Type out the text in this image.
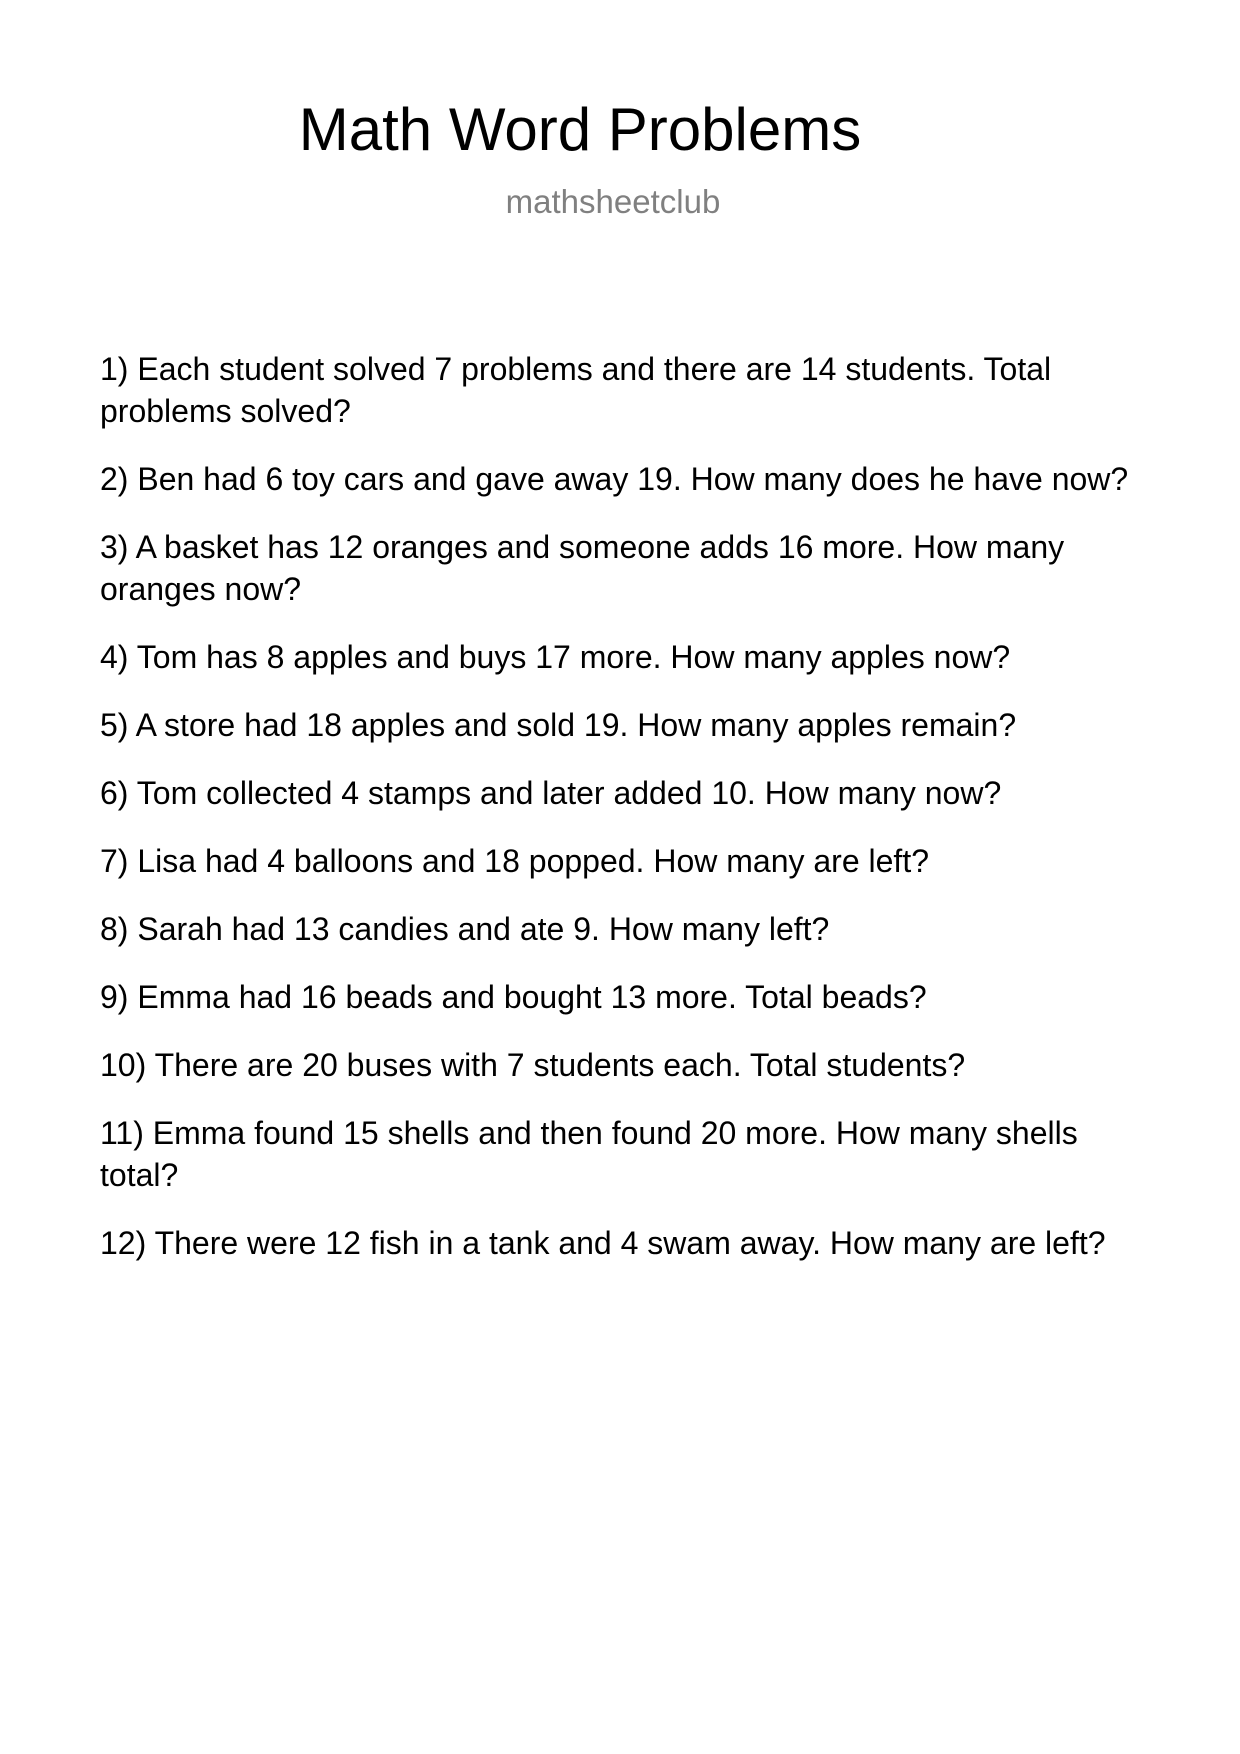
Math Word Problems
mathsheetclub
1) Each student solved 7 problems and there are 14 students. Total problems solved?
2) Ben had 6 toy cars and gave away 19. How many does he have now?
3) A basket has 12 oranges and someone adds 16 more. How many oranges now?
4) Tom has 8 apples and buys 17 more. How many apples now?
5) A store had 18 apples and sold 19. How many apples remain?
6) Tom collected 4 stamps and later added 10. How many now?
7) Lisa had 4 balloons and 18 popped. How many are left?
8) Sarah had 13 candies and ate 9. How many left?
9) Emma had 16 beads and bought 13 more. Total beads?
10) There are 20 buses with 7 students each. Total students?
11) Emma found 15 shells and then found 20 more. How many shells total?
12) There were 12 fish in a tank and 4 swam away. How many are left?
